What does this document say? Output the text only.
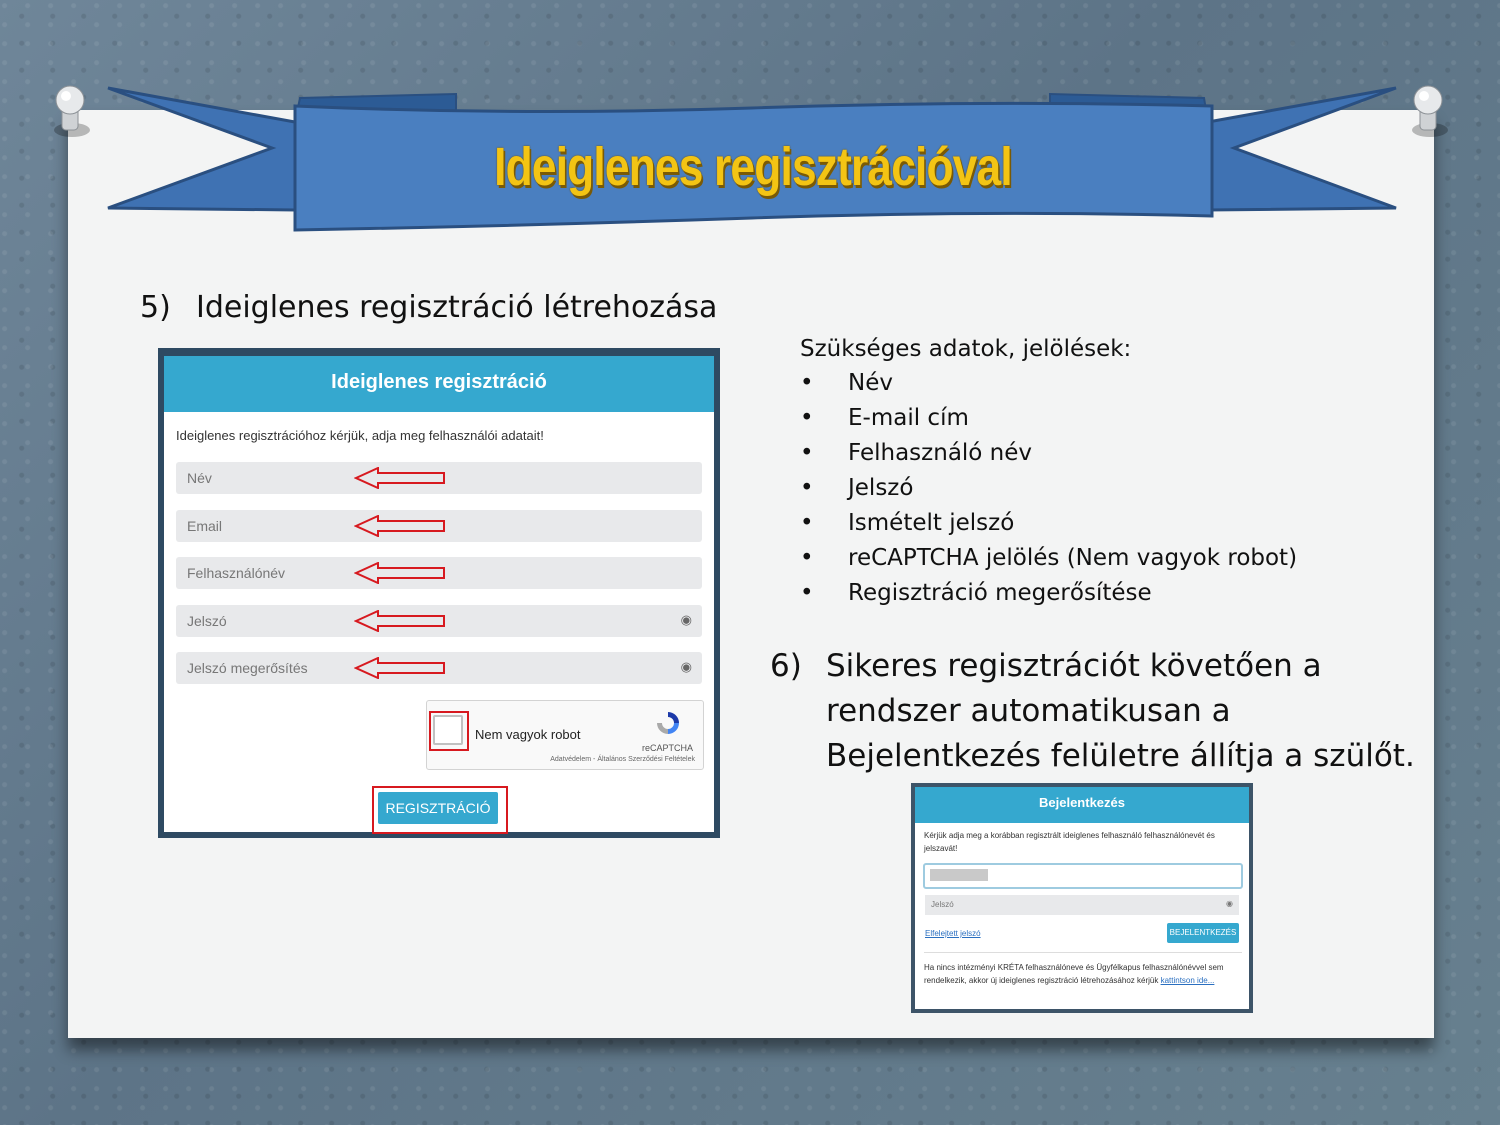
Ideiglenes regisztrációval
5) Ideiglenes regisztráció létrehozása
Ideiglenes regisztráció
Ideiglenes regisztrációhoz kérjük, adja meg felhasználói adatait!
Név
Email
Felhasználónév
Jelszó	◉
Jelszó megerősítés	◉
Nem vagyok robot
reCAPTCHA
Adatvédelem - Általános Szerződési Feltételek
REGISZTRÁCIÓ
Szükséges adatok, jelölések:
• Név
• E-mail cím
• Felhasználó név
• Jelszó
• Ismételt jelszó
• reCAPTCHA jelölés (Nem vagyok robot)
• Regisztráció megerősítése
6) Sikeres regisztrációt követően a
rendszer automatikusan a
Bejelentkezés felületre állítja a szülőt.
Bejelentkezés
Kérjük adja meg a korábban regisztrált ideiglenes felhasználó felhasználónevét és jelszavát!
Jelszó	◉
Elfelejtett jelszó	BEJELENTKEZÉS
Ha nincs intézményi KRÉTA felhasználóneve és Ügyfélkapus felhasználónévvel sem rendelkezik, akkor új ideiglenes regisztráció létrehozásához kérjük kattintson ide...
